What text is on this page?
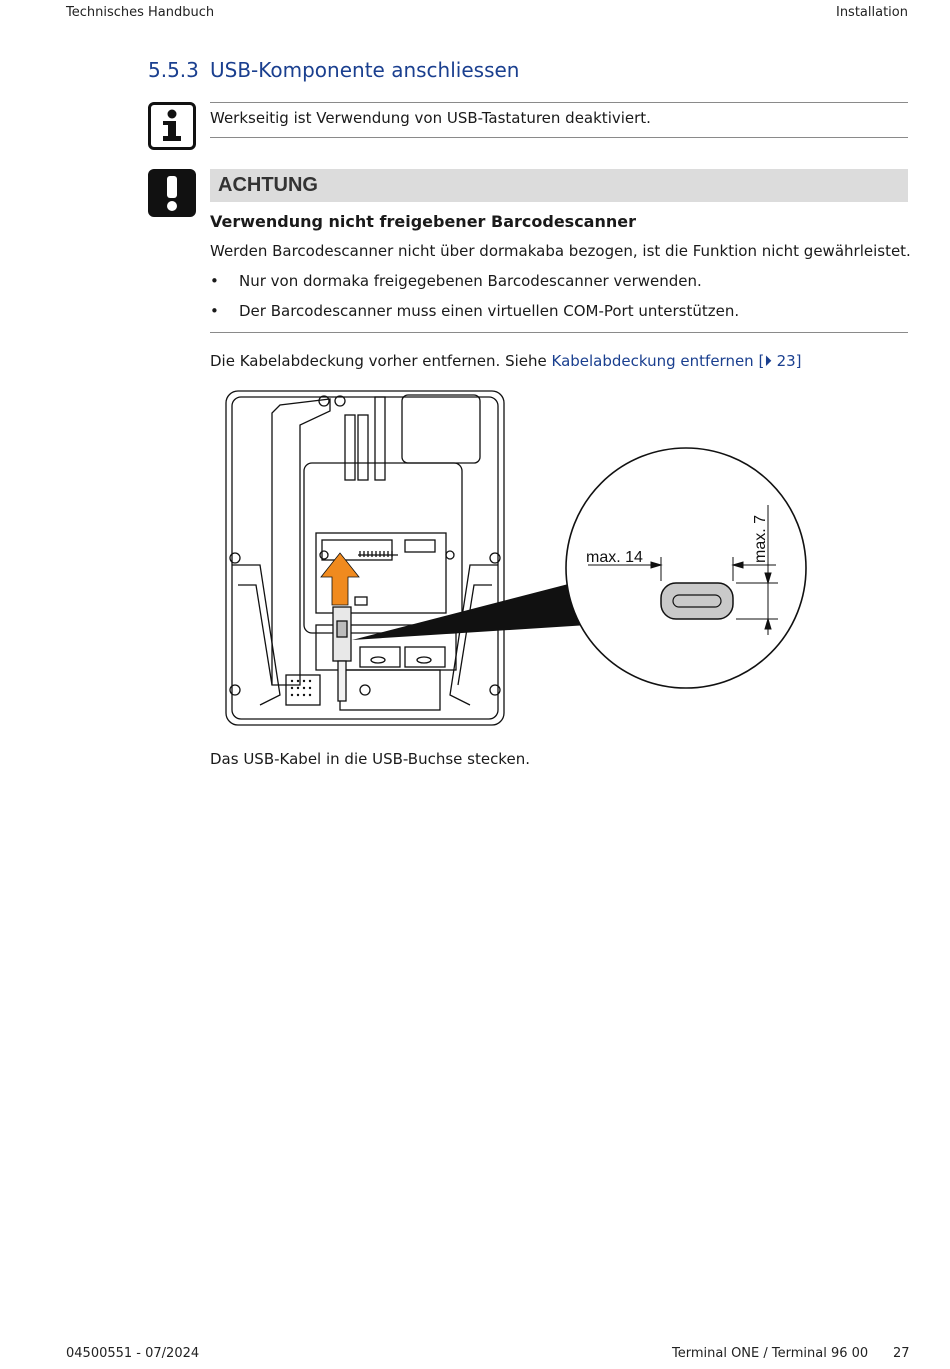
Technisches Handbuch	Installation
5.5.3 USB-Komponente anschliessen
Werkseitig ist Verwendung von USB-Tastaturen deaktiviert.
ACHTUNG
Verwendung nicht freigebener Barcodescanner
Werden Barcodescanner nicht über dormakaba bezogen, ist die Funktion nicht gewährleistet.
• Nur von dormaka freigegebenen Barcodescanner verwenden.
• Der Barcodescanner muss einen virtuellen COM-Port unterstützen.
Die Kabelabdeckung vorher entfernen. Siehe Kabelabdeckung entfernen [⏵ 23]
max. 14	max. 7
Das USB-Kabel in die USB-Buchse stecken.
04500551 - 07/2024	Terminal ONE / Terminal 96 00 27
